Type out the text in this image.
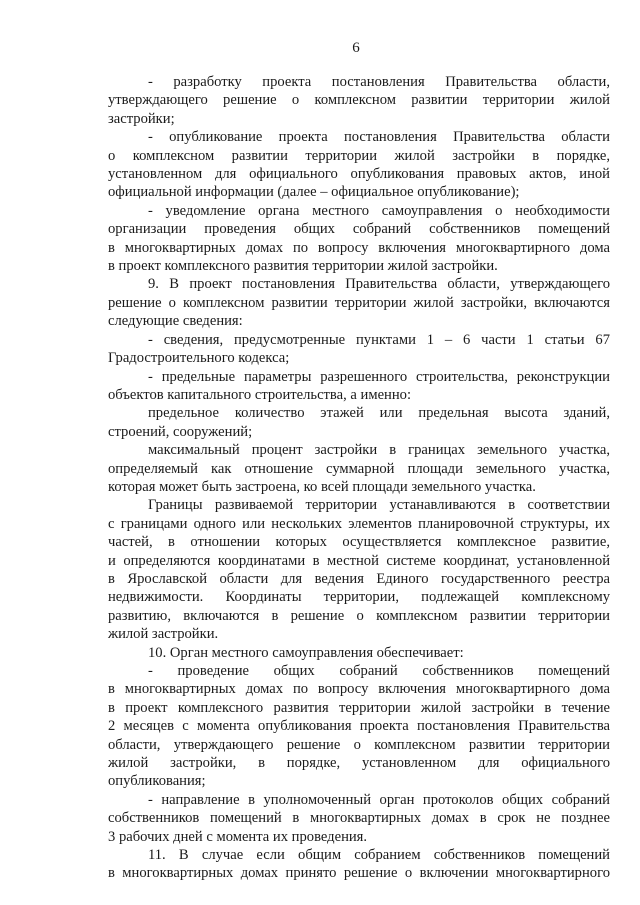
6
- разработку проекта постановления Правительства области,
утверждающего решение о комплексном развитии территории жилой
застройки;
- опубликование проекта постановления Правительства области
о комплексном развитии территории жилой застройки в порядке,
установленном для официального опубликования правовых актов, иной
официальной информации (далее – официальное опубликование);
- уведомление органа местного самоуправления о необходимости
организации проведения общих собраний собственников помещений
в многоквартирных домах по вопросу включения многоквартирного дома
в проект комплексного развития территории жилой застройки.
9. В проект постановления Правительства области, утверждающего
решение о комплексном развитии территории жилой застройки, включаются
следующие сведения:
- сведения, предусмотренные пунктами 1 – 6 части 1 статьи 67
Градостроительного кодекса;
- предельные параметры разрешенного строительства, реконструкции
объектов капитального строительства, а именно:
предельное количество этажей или предельная высота зданий,
строений, сооружений;
максимальный процент застройки в границах земельного участка,
определяемый как отношение суммарной площади земельного участка,
которая может быть застроена, ко всей площади земельного участка.
Границы развиваемой территории устанавливаются в соответствии
с границами одного или нескольких элементов планировочной структуры, их
частей, в отношении которых осуществляется комплексное развитие,
и определяются координатами в местной системе координат, установленной
в Ярославской области для ведения Единого государственного реестра
недвижимости. Координаты территории, подлежащей комплексному
развитию, включаются в решение о комплексном развитии территории
жилой застройки.
10. Орган местного самоуправления обеспечивает:
- проведение общих собраний собственников помещений
в многоквартирных домах по вопросу включения многоквартирного дома
в проект комплексного развития территории жилой застройки в течение
2 месяцев с момента опубликования проекта постановления Правительства
области, утверждающего решение о комплексном развитии территории
жилой застройки, в порядке, установленном для официального
опубликования;
- направление в уполномоченный орган протоколов общих собраний
собственников помещений в многоквартирных домах в срок не позднее
3 рабочих дней с момента их проведения.
11. В случае если общим собранием собственников помещений
в многоквартирных домах принято решение о включении многоквартирного
